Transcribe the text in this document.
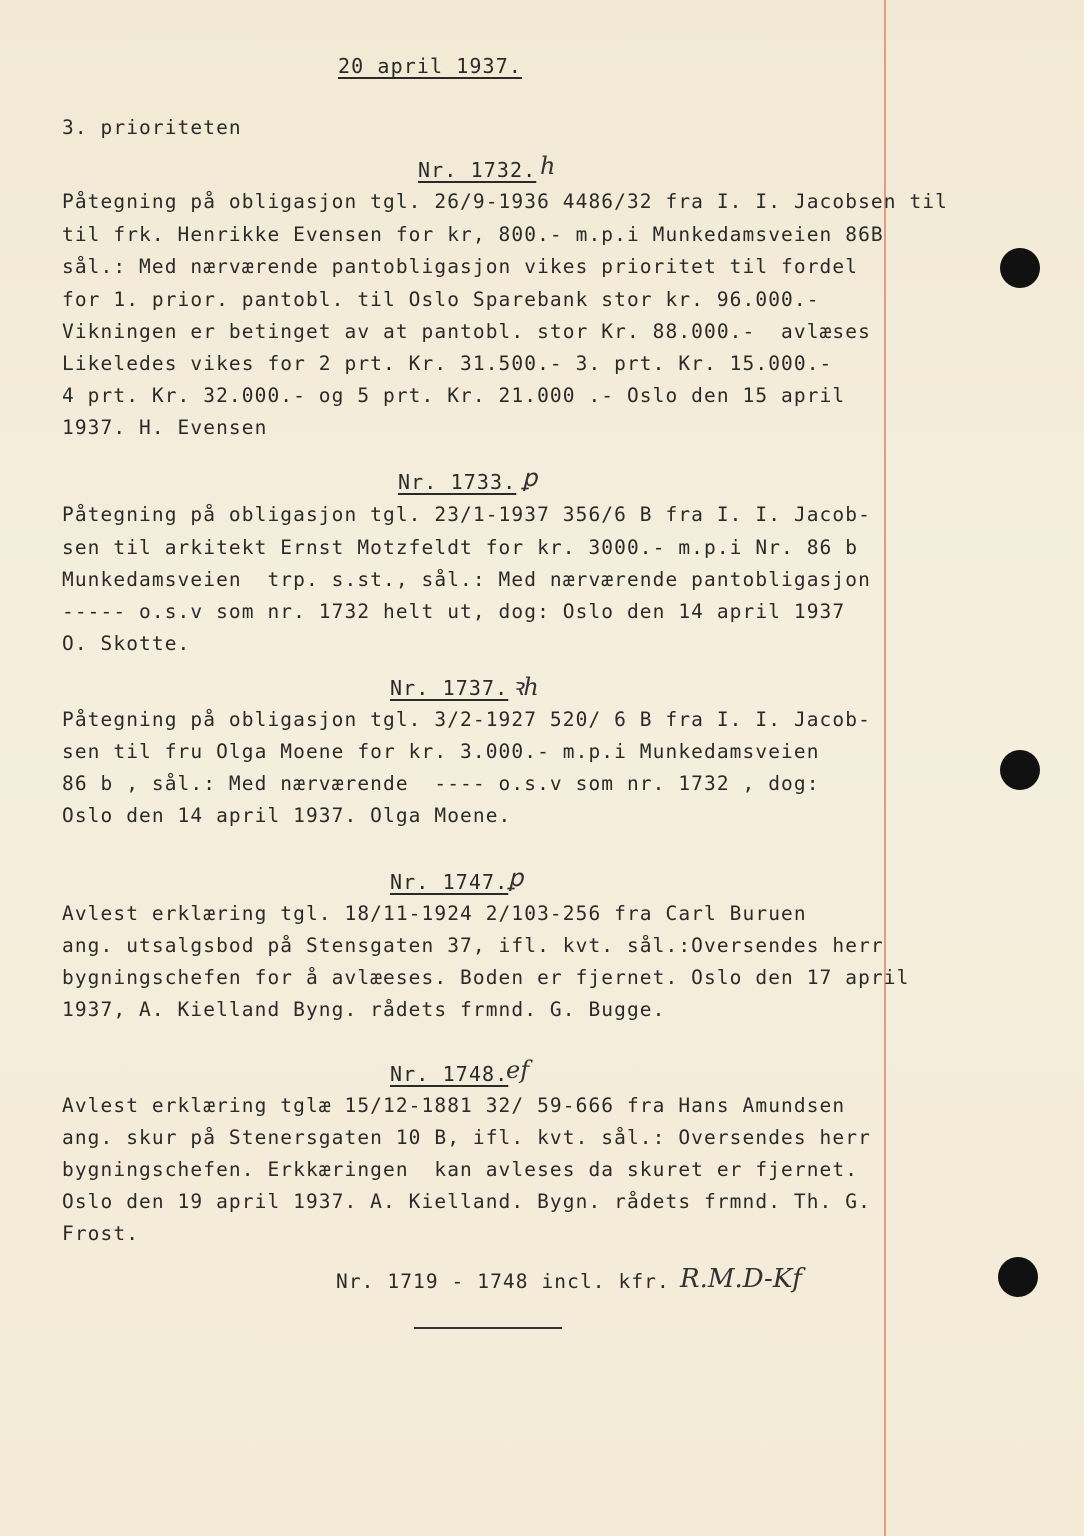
20 april 1937.
3. prioriteten
Nr. 1732. h
Påtegning på obligasjon tgl. 26/9-1936 4486/32 fra I. I. Jacobsen til
til frk. Henrikke Evensen for kr, 800.- m.p.i Munkedamsveien 86B
sål.: Med nærværende pantobligasjon vikes prioritet til fordel
for 1. prior. pantobl. til Oslo Sparebank stor kr. 96.000.-
Vikningen er betinget av at pantobl. stor Kr. 88.000.-  avlæses
Likeledes vikes for 2 prt. Kr. 31.500.- 3. prt. Kr. 15.000.-
4 prt. Kr. 32.000.- og 5 prt. Kr. 21.000 .- Oslo den 15 april
1937. H. Evensen
Nr. 1733. ꝑ
Påtegning på obligasjon tgl. 23/1-1937 356/6 B fra I. I. Jacob-
sen til arkitekt Ernst Motzfeldt for kr. 3000.- m.p.i Nr. 86 b
Munkedamsveien  trp. s.st., sål.: Med nærværende pantobligasjon
----- o.s.v som nr. 1732 helt ut, dog: Oslo den 14 april 1937
O. Skotte.
Nr. 1737. ꝛh
Påtegning på obligasjon tgl. 3/2-1927 520/ 6 B fra I. I. Jacob-
sen til fru Olga Moene for kr. 3.000.- m.p.i Munkedamsveien
86 b , sål.: Med nærværende  ---- o.s.v som nr. 1732 , dog:
Oslo den 14 april 1937. Olga Moene.
Nr. 1747. ꝑ
Avlest erklæring tgl. 18/11-1924 2/103-256 fra Carl Buruen
ang. utsalgsbod på Stensgaten 37, ifl. kvt. sål.:Oversendes herr
bygningschefen for å avlæeses. Boden er fjernet. Oslo den 17 april
1937, A. Kielland Byng. rådets frmnd. G. Bugge.
Nr. 1748.
ef
Avlest erklæring tglæ 15/12-1881 32/ 59-666 fra Hans Amundsen
ang. skur på Stenersgaten 10 B, ifl. kvt. sål.: Oversendes herr
bygningschefen. Erkkæringen  kan avleses da skuret er fjernet.
Oslo den 19 april 1937. A. Kielland. Bygn. rådets frmnd. Th. G.
Frost.
Nr. 1719 - 1748 incl. kfr. R.M.D-Kf
